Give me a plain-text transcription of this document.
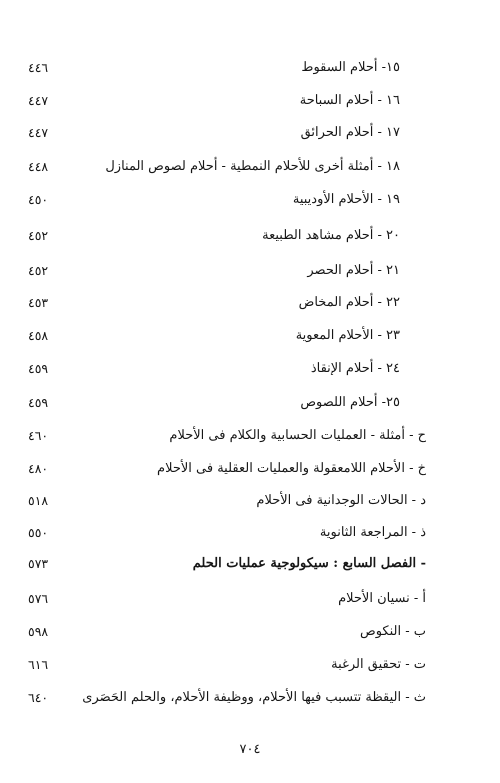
١٥- أحلام السقوط
٤٤٦
١٦ - أحلام السباحة
٤٤٧
١٧ - أحلام الحرائق
٤٤٧
١٨ - أمثلة أخرى للأحلام النمطية - أحلام لصوص المنازل
٤٤٨
١٩ - الأحلام الأوديبية
٤٥٠
٢٠ - أحلام مشاهد الطبيعة
٤٥٢
٢١ - أحلام الحصر
٤٥٢
٢٢ - أحلام المخاض
٤٥٣
٢٣ - الأحلام المعوية
٤٥٨
٢٤ - أحلام الإنقاذ
٤٥٩
٢٥- أحلام اللصوص
٤٥٩
ح - أمثلة - العمليات الحسابية والكلام فى الأحلام
٤٦٠
خ - الأحلام اللامعقولة والعمليات العقلية فى الأحلام
٤٨٠
د - الحالات الوجدانية فى الأحلام
٥١٨
ذ - المراجعة الثانوية
٥٥٠
- الفصل السابع : سيكولوجية عمليات الحلم
٥٧٣
أ - نسيان الأحلام
٥٧٦
ب - النكوص
٥٩٨
ت - تحقيق الرغبة
٦١٦
ث - اليقظة تتسبب فيها الأحلام، ووظيفة الأحلام، والحلم الحَصَرى
٦٤٠
٧٠٤
